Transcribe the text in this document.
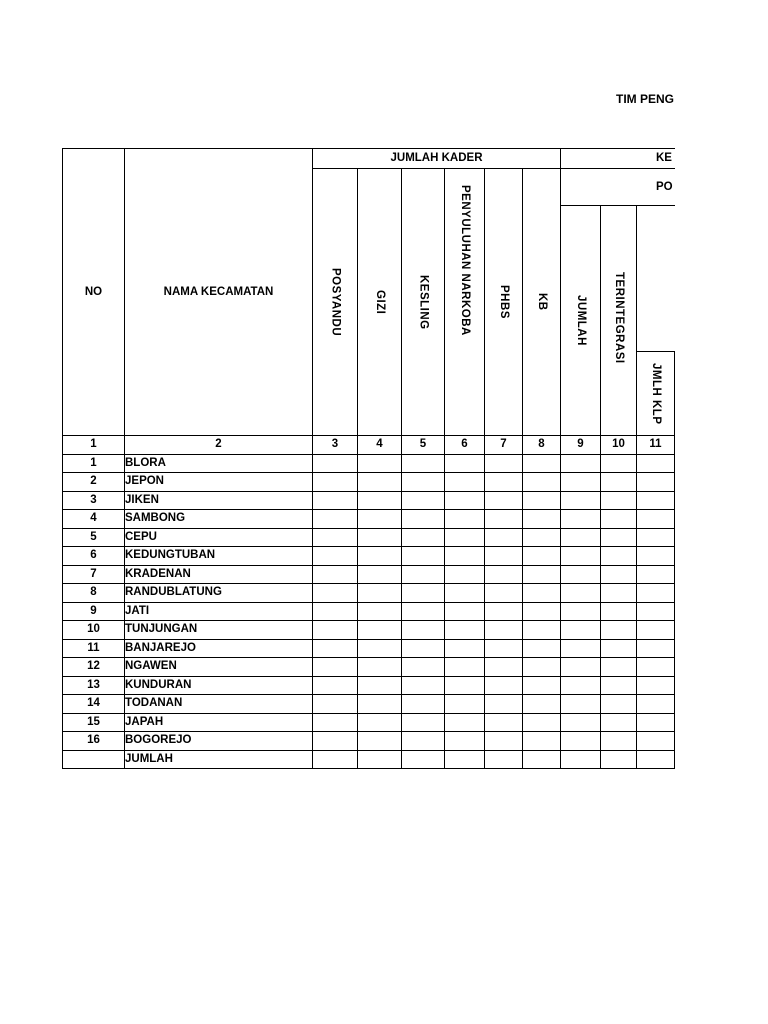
TIM PENG
NO	NAMA KECAMATAN	JUMLAH KADER						KE			

		POSYANDU	GIZI	KESLING	PENYULUHAN NARKOBA	PHBS	KB	PO			

								JUMLAH	TERINTEGRASI		

										JMLH KLP	

1	2	3	4	5	6	7	8	9	10	11	
1	BLORA										
2	JEPON										
3	JIKEN										
4	SAMBONG										
5	CEPU										
6	KEDUNGTUBAN										
7	KRADENAN										
8	RANDUBLATUNG										
9	JATI										
10	TUNJUNGAN										
11	BANJAREJO										
12	NGAWEN										
13	KUNDURAN										
14	TODANAN										
15	JAPAH										
16	BOGOREJO										
	JUMLAH										
